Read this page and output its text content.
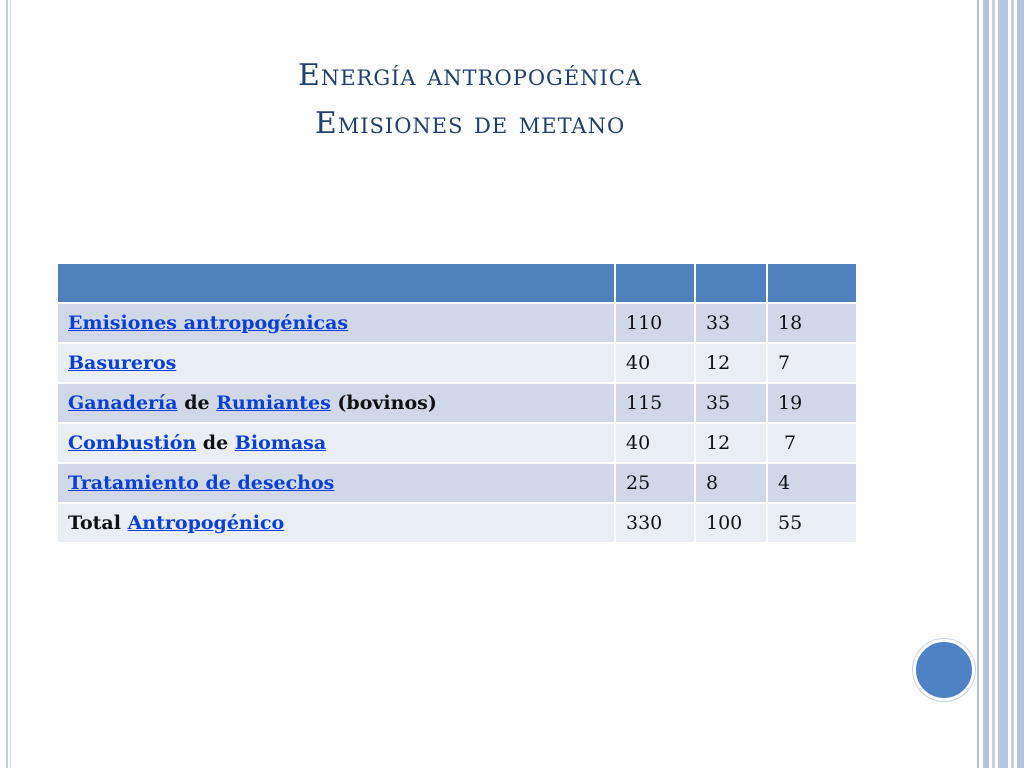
Energía antropogénica
Emisiones de metano

Emisiones antropogénicas	110	33	18
Basureros	40	12	7
Ganadería de Rumiantes (bovinos)	115	35	19
Combustión de Biomasa	40	12	7
Tratamiento de desechos	25	8	4
Total Antropogénico	330	100	55
